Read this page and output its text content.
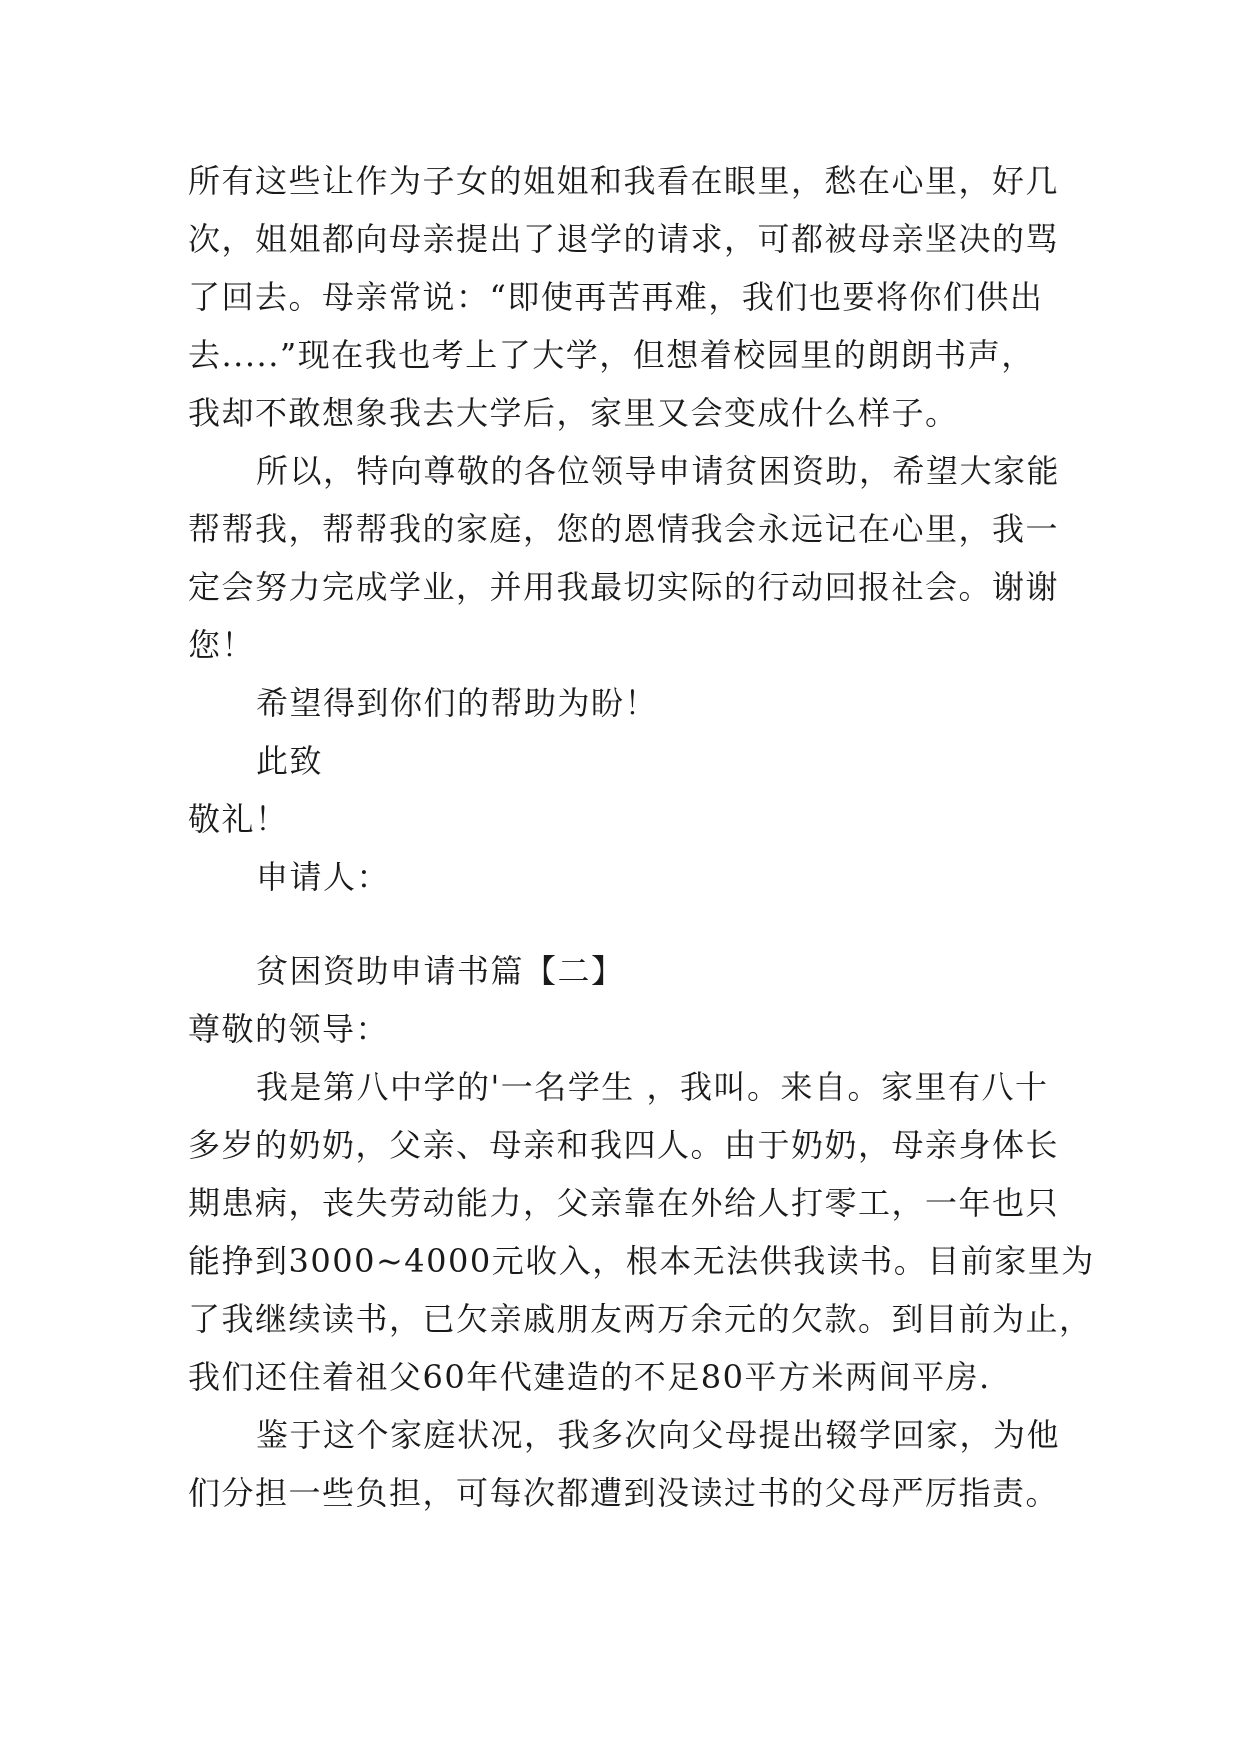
所有这些让作为子女的姐姐和我看在眼里，愁在心里，好几
次，姐姐都向母亲提出了退学的请求，可都被母亲坚决的骂
了回去。母亲常说：“即使再苦再难，我们也要将你们供出
去.....”现在我也考上了大学，但想着校园里的朗朗书声，
我却不敢想象我去大学后，家里又会变成什么样子。
所以，特向尊敬的各位领导申请贫困资助，希望大家能
帮帮我，帮帮我的家庭，您的恩情我会永远记在心里，我一
定会努力完成学业，并用我最切实际的行动回报社会。谢谢
您！
希望得到你们的帮助为盼！
此致
敬礼！
申请人：
贫困资助申请书篇【二】
尊敬的领导：
我是第八中学的'一名学生 ，我叫。来自。家里有八十
多岁的奶奶，父亲、母亲和我四人。由于奶奶，母亲身体长
期患病，丧失劳动能力，父亲靠在外给人打零工，一年也只
能挣到3000~4000元收入，根本无法供我读书。目前家里为
了我继续读书，已欠亲戚朋友两万余元的欠款。到目前为止，
我们还住着祖父60年代建造的不足80平方米两间平房.
鉴于这个家庭状况，我多次向父母提出辍学回家，为他
们分担一些负担，可每次都遭到没读过书的父母严厉指责。
